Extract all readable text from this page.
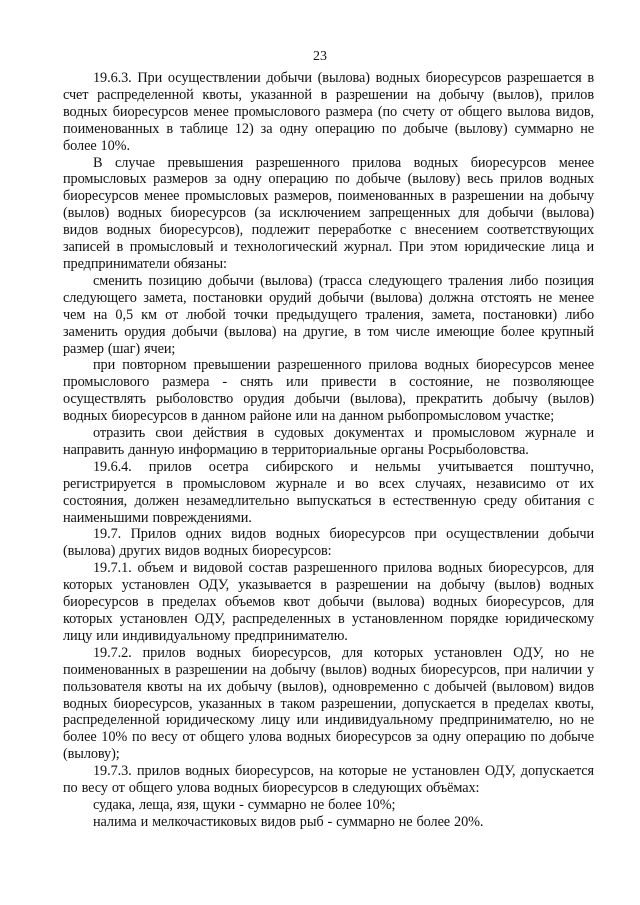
23

19.6.3. При осуществлении добычи (вылова) водных биоресурсов разрешается в счет распределенной квоты, указанной в разрешении на добычу (вылов), прилов водных биоресурсов менее промыслового размера (по счету от общего вылова видов, поименованных в таблице 12) за одну операцию по добыче (вылову) суммарно не более 10%.

В случае превышения разрешенного прилова водных биоресурсов менее промысловых размеров за одну операцию по добыче (вылову) весь прилов водных биоресурсов менее промысловых размеров, поименованных в разрешении на добычу (вылов) водных биоресурсов (за исключением запрещенных для добычи (вылова) видов водных биоресурсов), подлежит переработке с внесением соответствующих записей в промысловый и технологический журнал. При этом юридические лица и предприниматели обязаны:

сменить позицию добычи (вылова) (трасса следующего траления либо позиция следующего замета, постановки орудий добычи (вылова) должна отстоять не менее чем на 0,5 км от любой точки предыдущего траления, замета, постановки) либо заменить орудия добычи (вылова) на другие, в том числе имеющие более крупный размер (шаг) ячеи;

при повторном превышении разрешенного прилова водных биоресурсов менее промыслового размера - снять или привести в состояние, не позволяющее осуществлять рыболовство орудия добычи (вылова), прекратить добычу (вылов) водных биоресурсов в данном районе или на данном рыбопромысловом участке;

отразить свои действия в судовых документах и промысловом журнале и направить данную информацию в территориальные органы Росрыболовства.

19.6.4. прилов осетра сибирского и нельмы учитывается поштучно, регистрируется в промысловом журнале и во всех случаях, независимо от их состояния, должен незамедлительно выпускаться в естественную среду обитания с наименьшими повреждениями.

19.7. Прилов одних видов водных биоресурсов при осуществлении добычи (вылова) других видов водных биоресурсов:

19.7.1. объем и видовой состав разрешенного прилова водных биоресурсов, для которых установлен ОДУ, указывается в разрешении на добычу (вылов) водных биоресурсов в пределах объемов квот добычи (вылова) водных биоресурсов, для которых установлен ОДУ, распределенных в установленном порядке юридическому лицу или индивидуальному предпринимателю.

19.7.2. прилов водных биоресурсов, для которых установлен ОДУ, но не поименованных в разрешении на добычу (вылов) водных биоресурсов, при наличии у пользователя квоты на их добычу (вылов), одновременно с добычей (выловом) видов водных биоресурсов, указанных в таком разрешении, допускается в пределах квоты, распределенной юридическому лицу или индивидуальному предпринимателю, но не более 10% по весу от общего улова водных биоресурсов за одну операцию по добыче (вылову);

19.7.3. прилов водных биоресурсов, на которые не установлен ОДУ, допускается по весу от общего улова водных биоресурсов в следующих объёмах:

судака, леща, язя, щуки - суммарно не более 10%;

налима и мелкочастиковых видов рыб - суммарно не более 20%.
